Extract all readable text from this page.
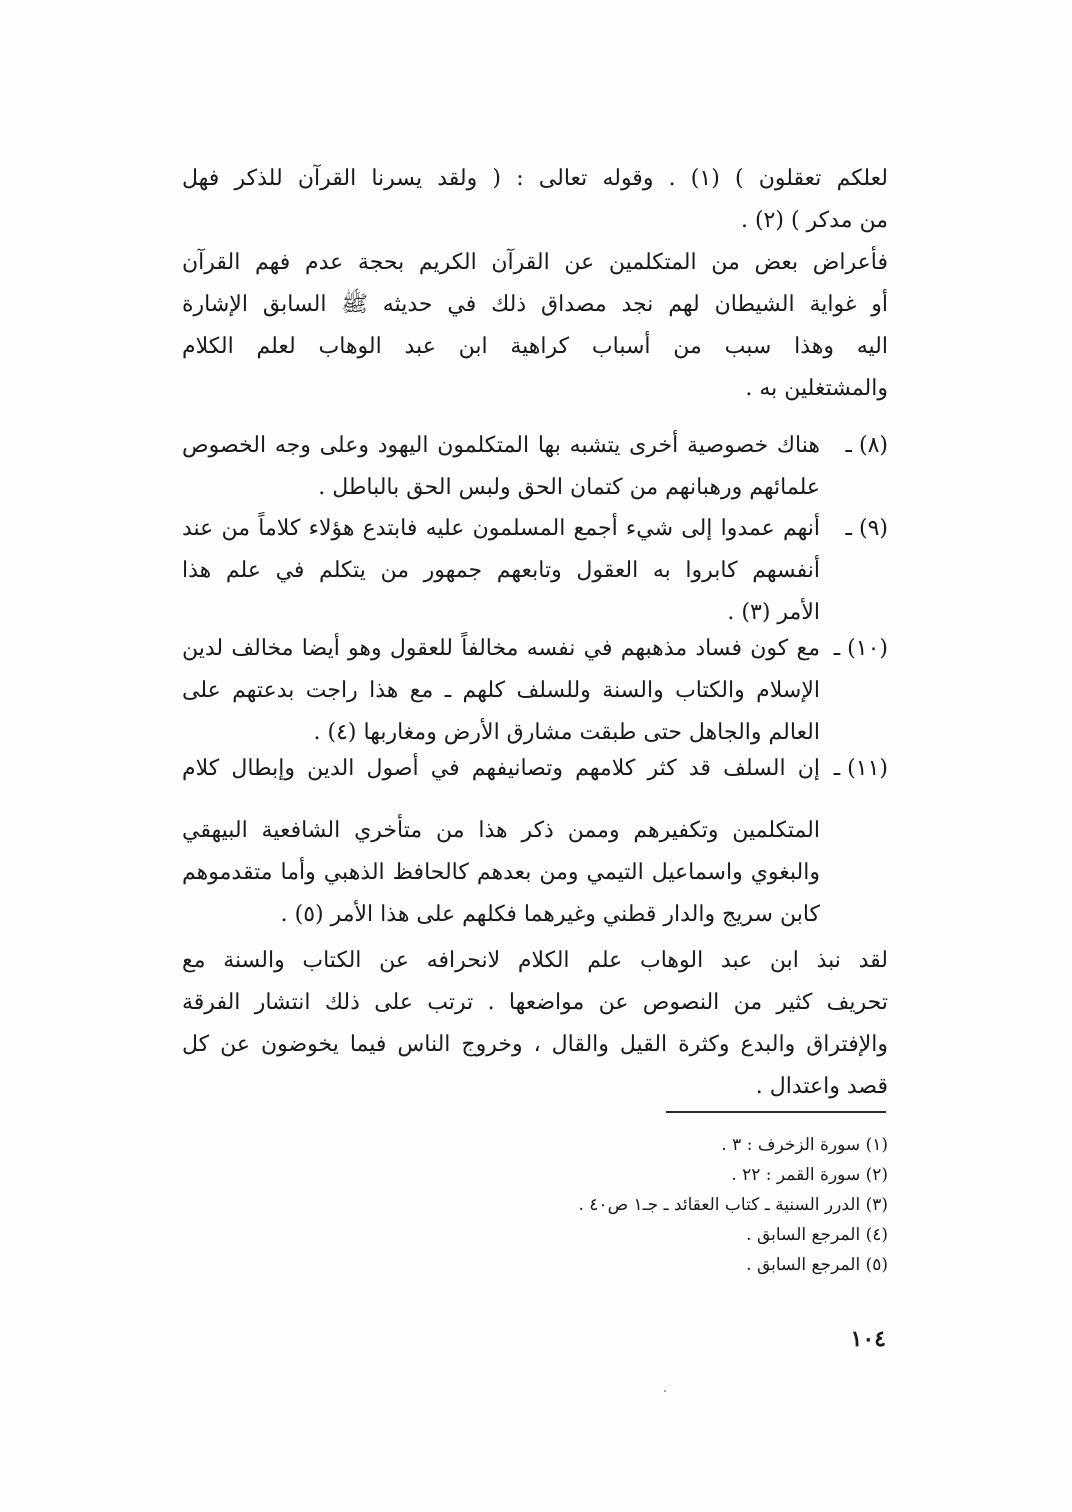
لعلكم تعقلون ) (١) . وقوله تعالى : ( ولقد يسرنا القرآن للذكر فهل
من مدكر ) (٢) .
فأعراض بعض من المتكلمين عن القرآن الكريم بحجة عدم فهم القرآن
أو غواية الشيطان لهم نجد مصداق ذلك في حديثه ﷺ السابق الإشارة
اليه وهذا سبب من أسباب كراهية ابن عبد الوهاب لعلم الكلام
والمشتغلين به .
(٨) ـ
هناك خصوصية أخرى يتشبه بها المتكلمون اليهود وعلى وجه الخصوص
علمائهم ورهبانهم من كتمان الحق ولبس الحق بالباطل .
(٩) ـ
أنهم عمدوا إلى شيء أجمع المسلمون عليه فابتدع هؤلاء كلاماً من عند
أنفسهم كابروا به العقول وتابعهم جمهور من يتكلم في علم هذا
الأمر (٣) .
(١٠) ـ
مع كون فساد مذهبهم في نفسه مخالفاً للعقول وهو أيضا مخالف لدين
الإسلام والكتاب والسنة وللسلف كلهم ـ مع هذا راجت بدعتهم على
العالم والجاهل حتى طبقت مشارق الأرض ومغاربها (٤) .
(١١) ـ
إن السلف قد كثر كلامهم وتصانيفهم في أصول الدين وإبطال كلام
المتكلمين وتكفيرهم وممن ذكر هذا من متأخري الشافعية البيهقي
والبغوي واسماعيل التيمي ومن بعدهم كالحافظ الذهبي وأما متقدموهم
كابن سريج والدار قطني وغيرهما فكلهم على هذا الأمر (٥) .
لقد نبذ ابن عبد الوهاب علم الكلام لانحرافه عن الكتاب والسنة مع
تحريف كثير من النصوص عن مواضعها . ترتب على ذلك انتشار الفرقة
والإفتراق والبدع وكثرة القيل والقال ، وخروج الناس فيما يخوضون عن كل
قصد واعتدال .
(١) سورة الزخرف : ٣ .
(٢) سورة القمر : ٢٢ .
(٣) الدرر السنية ـ كتاب العقائد ـ جـ١ ص٤٠ .
(٤) المرجع السابق .
(٥) المرجع السابق .
١٠٤
